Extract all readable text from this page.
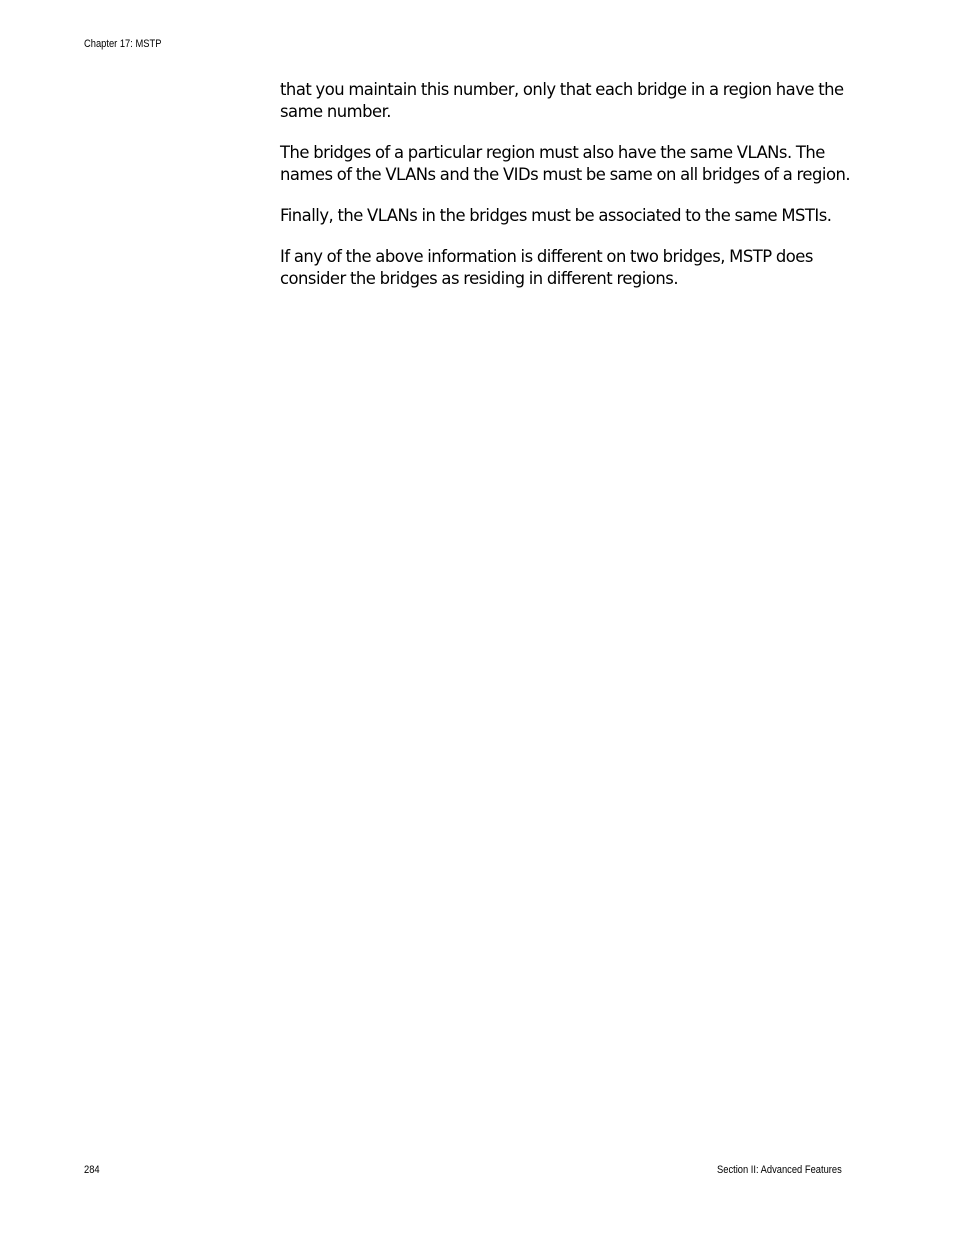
Chapter 17: MSTP

that you maintain this number, only that each bridge in a region have the same number.

The bridges of a particular region must also have the same VLANs. The names of the VLANs and the VIDs must be same on all bridges of a region.

Finally, the VLANs in the bridges must be associated to the same MSTIs.

If any of the above information is different on two bridges, MSTP does consider the bridges as residing in different regions.

284	Section II: Advanced Features
